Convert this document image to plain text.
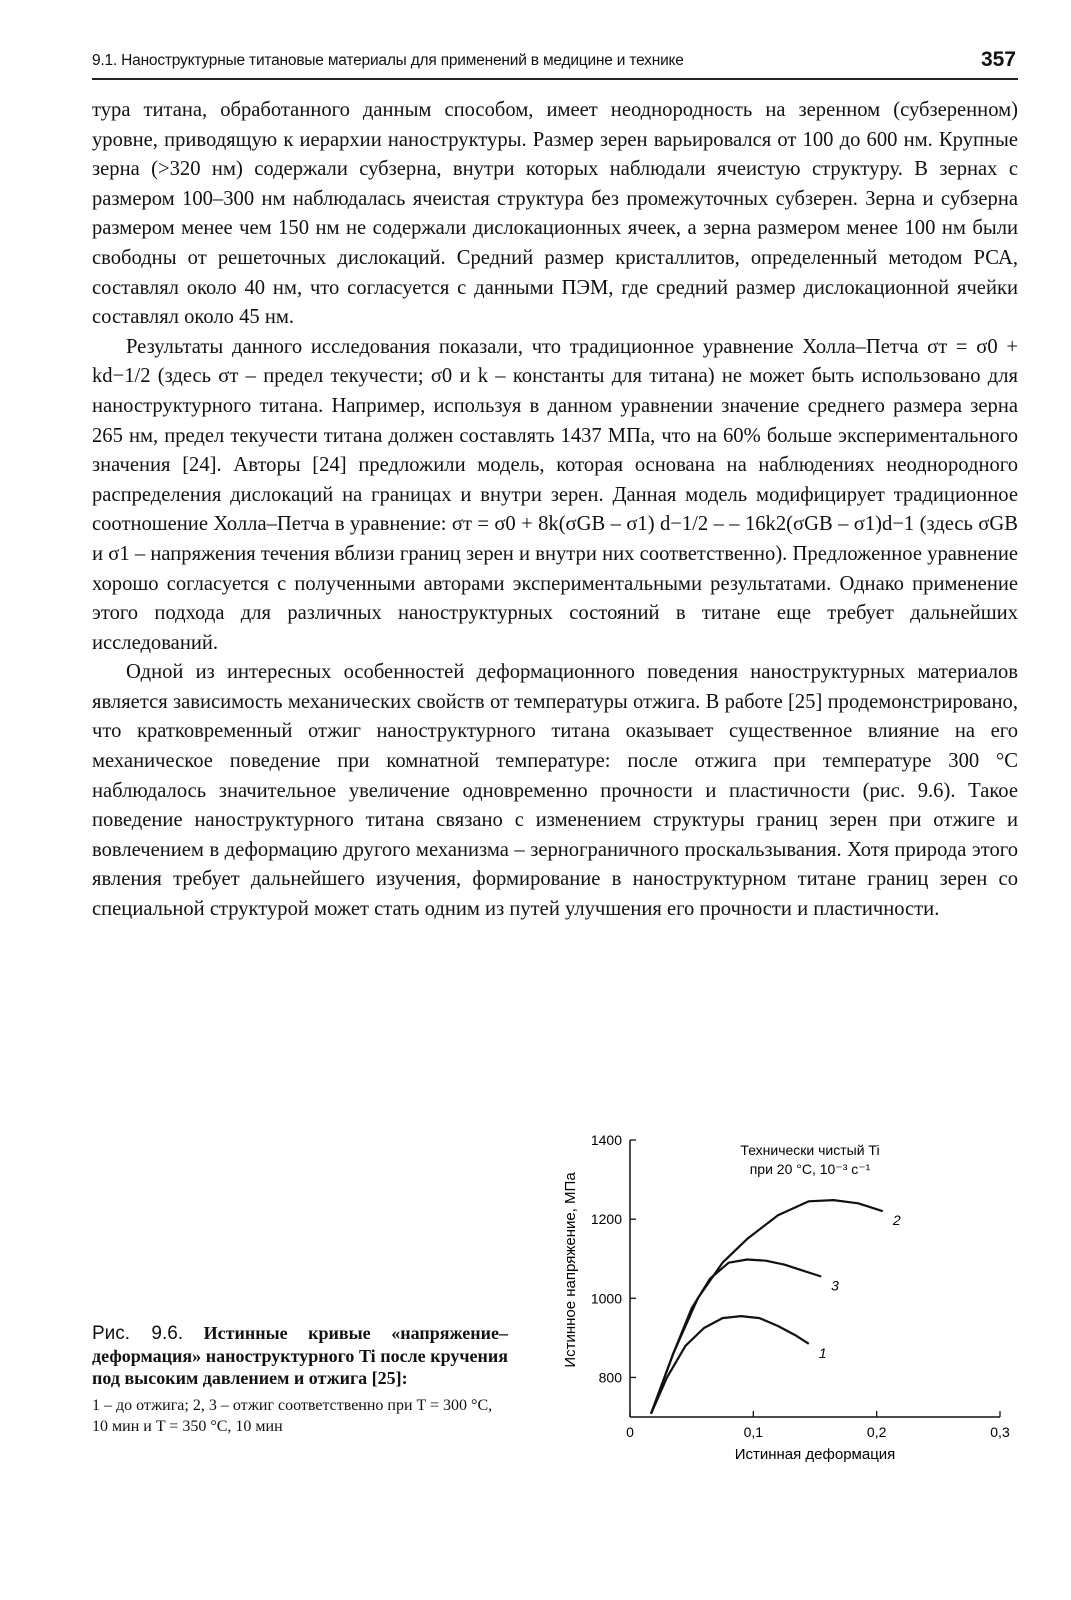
9.1. Наноструктурные титановые материалы для применений в медицине и технике	357

тура титана, обработанного данным способом, имеет неоднородность на зеренном (субзеренном) уровне, приводящую к иерархии наноструктуры. Размер зерен варьировался от 100 до 600 нм. Крупные зерна (>320 нм) содержали субзерна, внутри которых наблюдали ячеистую структуру. В зернах с размером 100–300 нм наблюдалась ячеистая структура без промежуточных субзерен. Зерна и субзерна размером менее чем 150 нм не содержали дислокационных ячеек, а зерна размером менее 100 нм были свободны от решеточных дислокаций. Средний размер кристаллитов, определенный методом РСА, составлял около 40 нм, что согласуется с данными ПЭМ, где средний размер дислокационной ячейки составлял около 45 нм.

Результаты данного исследования показали, что традиционное уравнение Холла–Петча σт = σ0 + kd−1/2 (здесь σт – предел текучести; σ0 и k – константы для титана) не может быть использовано для наноструктурного титана. Например, используя в данном уравнении значение среднего размера зерна 265 нм, предел текучести титана должен составлять 1437 МПа, что на 60% больше экспериментального значения [24]. Авторы [24] предложили модель, которая основана на наблюдениях неоднородного распределения дислокаций на границах и внутри зерен. Данная модель модифицирует традиционное соотношение Холла–Петча в уравнение: σт = σ0 + 8k(σGB – σ1) d−1/2 – – 16k2(σGB – σ1)d−1 (здесь σGB и σ1 – напряжения течения вблизи границ зерен и внутри них соответственно). Предложенное уравнение хорошо согласуется с полученными авторами экспериментальными результатами. Однако применение этого подхода для различных наноструктурных состояний в титане еще требует дальнейших исследований.

Одной из интересных особенностей деформационного поведения наноструктурных материалов является зависимость механических свойств от температуры отжига. В работе [25] продемонстрировано, что кратковременный отжиг наноструктурного титана оказывает существенное влияние на его механическое поведение при комнатной температуре: после отжига при температуре 300 °С наблюдалось значительное увеличение одновременно прочности и пластичности (рис. 9.6). Такое поведение наноструктурного титана связано с изменением структуры границ зерен при отжиге и вовлечением в деформацию другого механизма – зернограничного проскальзывания. Хотя природа этого явления требует дальнейшего изучения, формирование в наноструктурном титане границ зерен со специальной структурой может стать одним из путей улучшения его прочности и пластичности.

Рис. 9.6. Истинные кривые «напряжение–деформация» наноструктурного Ti после кручения под высоким давлением и отжига [25]:
1 – до отжига; 2, 3 – отжиг соответственно при T = 300 °С, 10 мин и T = 350 °С, 10 мин
800
1000
1200
1400
0	0,1	0,2	0,3
1
2
3
Технически чистый Ti
при 20 °С, 10⁻³ с⁻¹
Истинная деформация
Истинное напряжение, МПа
